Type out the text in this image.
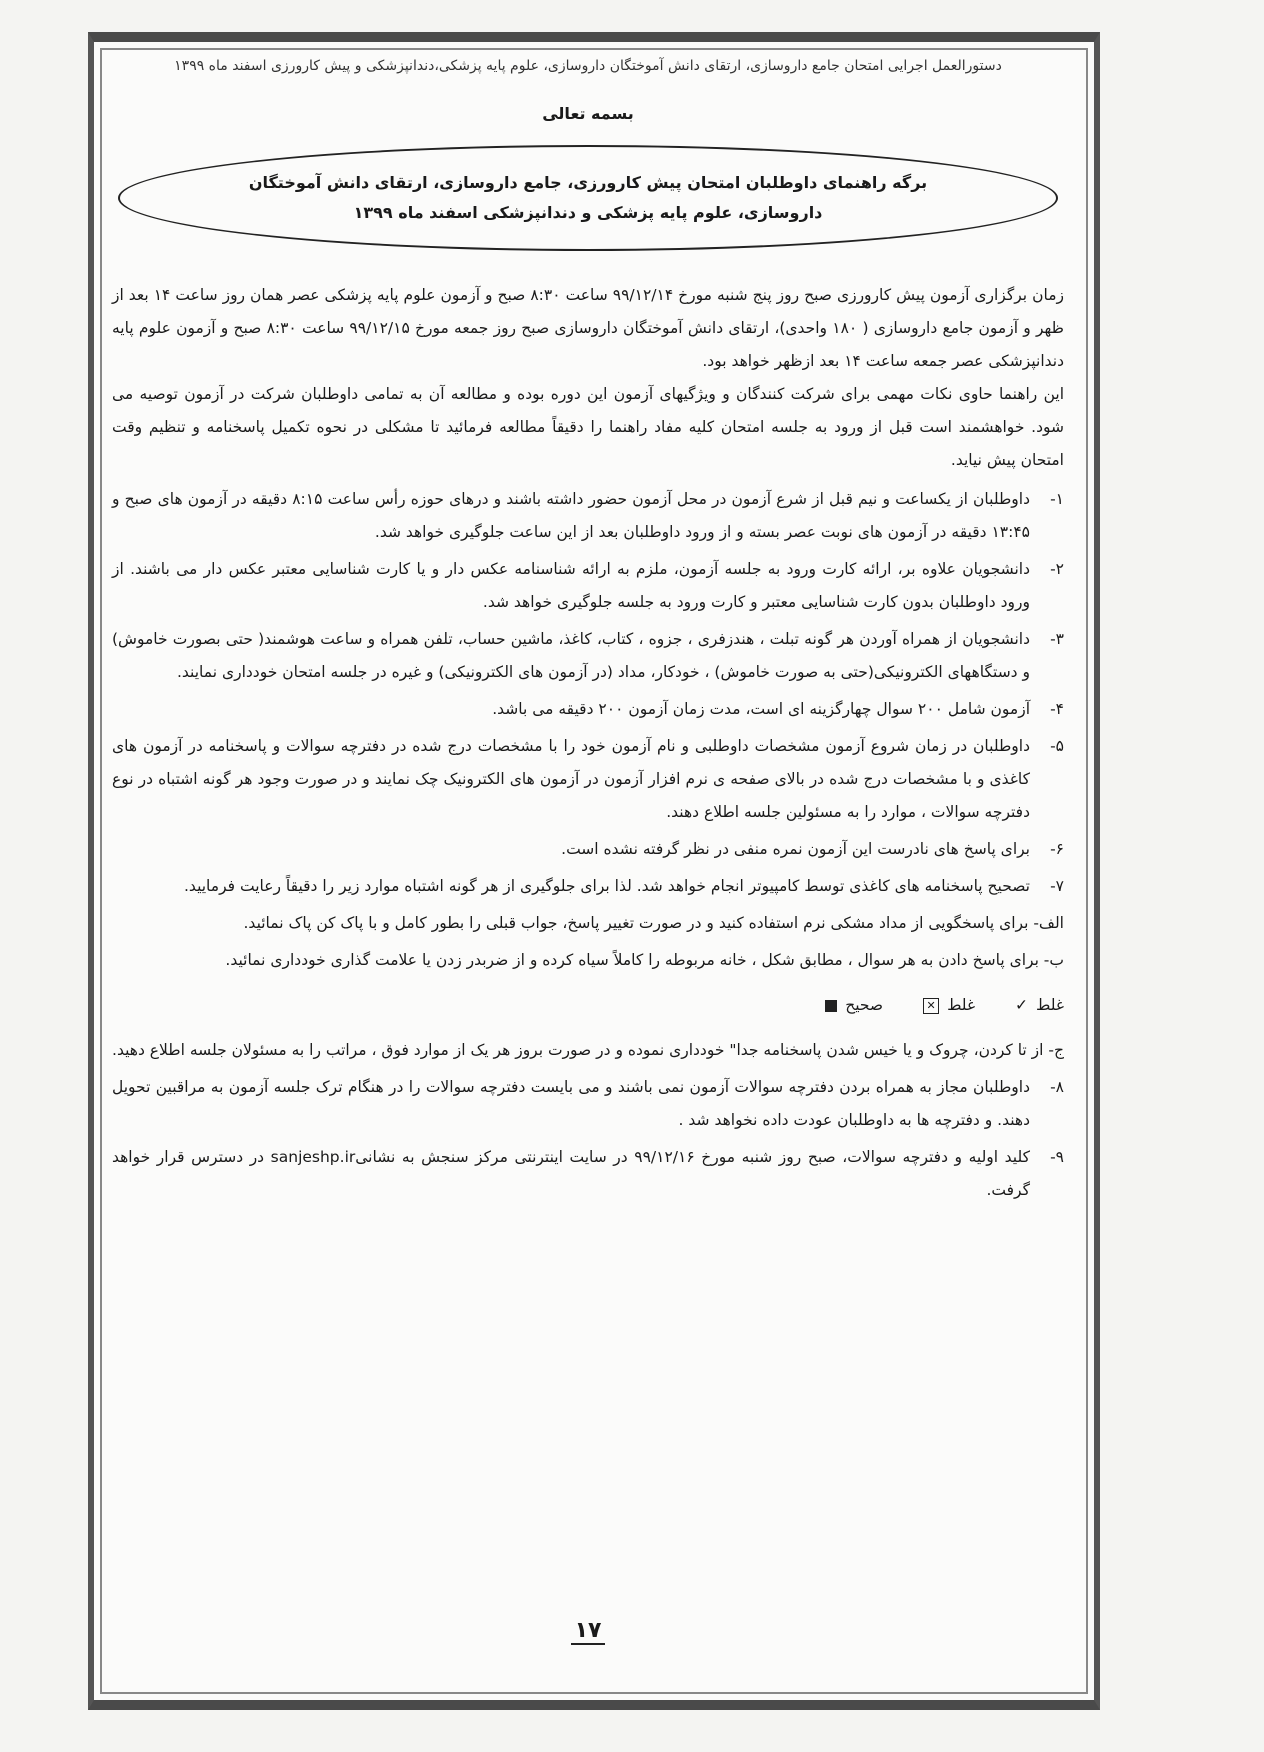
دستورالعمل اجرایی امتحان جامع داروسازی، ارتقای دانش آموختگان داروسازی، علوم پایه پزشکی،دندانپزشکی و پیش کارورزی اسفند ماه ۱۳۹۹
بسمه تعالی
برگه راهنمای داوطلبان امتحان پیش کارورزی، جامع داروسازی، ارتقای دانش آموختگان داروسازی، علوم پایه پزشکی و دندانپزشکی اسفند ماه ۱۳۹۹

زمان برگزاری آزمون پیش کارورزی صبح روز پنج شنبه مورخ ۹۹/۱۲/۱۴ ساعت ۸:۳۰ صبح و آزمون علوم پایه پزشکی عصر همان روز ساعت ۱۴ بعد از ظهر و آزمون جامع داروسازی ( ۱۸۰ واحدی)، ارتقای دانش آموختگان داروسازی صبح روز جمعه مورخ ۹۹/۱۲/۱۵ ساعت ۸:۳۰ صبح و آزمون علوم پایه دندانپزشکی عصر جمعه ساعت ۱۴ بعد ازظهر خواهد بود.

این راهنما حاوی نکات مهمی برای شرکت کنندگان و ویژگیهای آزمون این دوره بوده و مطالعه آن به تمامی داوطلبان شرکت در آزمون توصیه می شود. خواهشمند است قبل از ورود به جلسه امتحان کلیه مفاد راهنما را دقیقاً مطالعه فرمائید تا مشکلی در نحوه تکمیل پاسخنامه و تنظیم وقت امتحان پیش نیاید.

۱-
داوطلبان از یکساعت و نیم قبل از شرع آزمون در محل آزمون حضور داشته باشند و درهای حوزه رأس ساعت ۸:۱۵ دقیقه در آزمون های صبح و ۱۳:۴۵ دقیقه در آزمون های نوبت عصر بسته و از ورود داوطلبان بعد از این ساعت جلوگیری خواهد شد.
۲-
دانشجویان علاوه بر، ارائه کارت ورود به جلسه آزمون، ملزم به ارائه شناسنامه عکس دار و یا کارت شناسایی معتبر عکس دار می باشند. از ورود داوطلبان بدون کارت شناسایی معتبر و کارت ورود به جلسه جلوگیری خواهد شد.
۳-
دانشجویان از همراه آوردن هر گونه تبلت ، هندزفری ، جزوه ، کتاب، کاغذ، ماشین حساب، تلفن همراه و ساعت هوشمند( حتی بصورت خاموش) و دستگاههای الکترونیکی(حتی به صورت خاموش) ، خودکار، مداد (در آزمون های الکترونیکی) و غیره در جلسه امتحان خودداری نمایند.
۴-
آزمون شامل ۲۰۰ سوال چهارگزینه ای است، مدت زمان آزمون ۲۰۰ دقیقه می باشد.
۵-
داوطلبان در زمان شروع آزمون مشخصات داوطلبی و نام آزمون خود را با مشخصات درج شده در دفترچه سوالات و پاسخنامه در آزمون های کاغذی و با مشخصات درج شده در بالای صفحه ی نرم افزار آزمون در آزمون های الکترونیک چک نمایند و در صورت وجود هر گونه اشتباه در نوع دفترچه سوالات ، موارد را به مسئولین جلسه اطلاع دهند.
۶-
برای پاسخ های نادرست این آزمون نمره منفی در نظر گرفته نشده است.
۷-
تصحیح پاسخنامه های کاغذی توسط کامپیوتر انجام خواهد شد. لذا برای جلوگیری از هر گونه اشتباه موارد زیر را دقیقاً رعایت فرمایید.
الف- برای پاسخگویی از مداد مشکی نرم استفاده کنید و در صورت تغییر پاسخ، جواب قبلی را بطور کامل و با پاک کن پاک نمائید.
ب- برای پاسخ دادن به هر سوال ، مطابق شکل ، خانه مربوطه را کاملاً سیاه کرده و از ضربدر زدن یا علامت گذاری خودداری نمائید.
غلط
✓
غلط
✕
صحیح
ج- از تا کردن، چروک و یا خیس شدن پاسخنامه جدا" خودداری نموده و در صورت بروز هر یک از موارد فوق ، مراتب را به مسئولان جلسه اطلاع دهید.
۸-
داوطلبان مجاز به همراه بردن دفترچه سوالات آزمون نمی باشند و می بایست دفترچه سوالات را در هنگام ترک جلسه آزمون به مراقبین تحویل دهند. و دفترچه ها به داوطلبان عودت داده نخواهد شد .
۹-
کلید اولیه و دفترچه سوالات، صبح روز شنبه مورخ ۹۹/۱۲/۱۶ در سایت اینترنتی مرکز سنجش به نشانیsanjeshp.ir در دسترس قرار خواهد گرفت.
۱۷
